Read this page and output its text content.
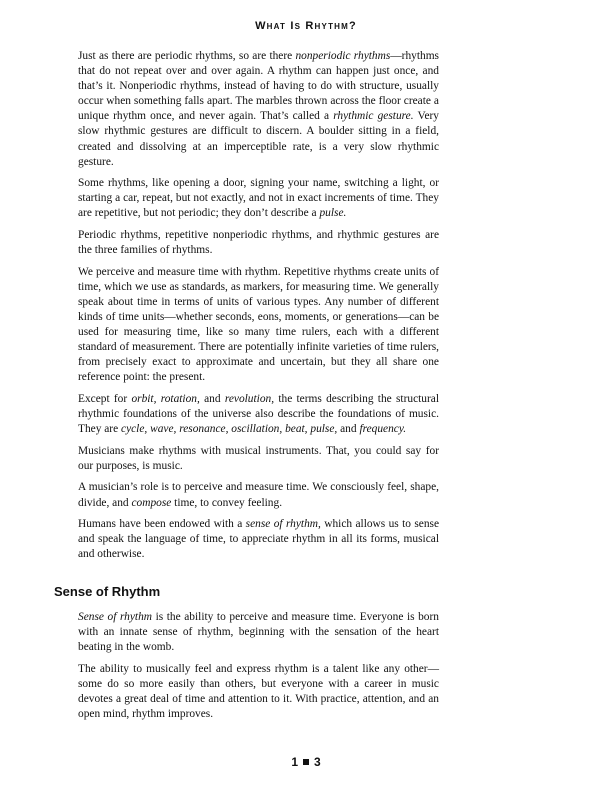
What Is Rhythm?

Just as there are periodic rhythms, so are there nonperiodic rhythms—rhythms that do not repeat over and over again. A rhythm can happen just once, and that’s it. Nonperiodic rhythms, instead of having to do with structure, usually occur when something falls apart. The marbles thrown across the floor create a unique rhythm once, and never again. That’s called a rhythmic gesture. Very slow rhythmic gestures are difficult to discern. A boulder sitting in a field, created and dissolving at an imperceptible rate, is a very slow rhythmic gesture.

Some rhythms, like opening a door, signing your name, switching a light, or starting a car, repeat, but not exactly, and not in exact increments of time. They are repetitive, but not periodic; they don’t describe a pulse.

Periodic rhythms, repetitive nonperiodic rhythms, and rhythmic gestures are the three families of rhythms.

We perceive and measure time with rhythm. Repetitive rhythms create units of time, which we use as standards, as markers, for measuring time. We generally speak about time in terms of units of various types. Any number of different kinds of time units—whether seconds, eons, moments, or generations—can be used for measuring time, like so many time rulers, each with a different standard of measurement. There are potentially infinite varieties of time rulers, from precisely exact to approximate and uncertain, but they all share one reference point: the present.

Except for orbit, rotation, and revolution, the terms describing the structural rhythmic foundations of the universe also describe the foundations of music. They are cycle, wave, resonance, oscillation, beat, pulse, and frequency.

Musicians make rhythms with musical instruments. That, you could say for our purposes, is music.

A musician’s role is to perceive and measure time. We consciously feel, shape, divide, and compose time, to convey feeling.

Humans have been endowed with a sense of rhythm, which allows us to sense and speak the language of time, to appreciate rhythm in all its forms, musical and otherwise.

Sense of Rhythm

Sense of rhythm is the ability to perceive and measure time. Everyone is born with an innate sense of rhythm, beginning with the sensation of the heart beating in the womb.

The ability to musically feel and express rhythm is a talent like any other—some do so more easily than others, but everyone with a career in music devotes a great deal of time and attention to it. With practice, attention, and an open mind, rhythm improves.

1 3
